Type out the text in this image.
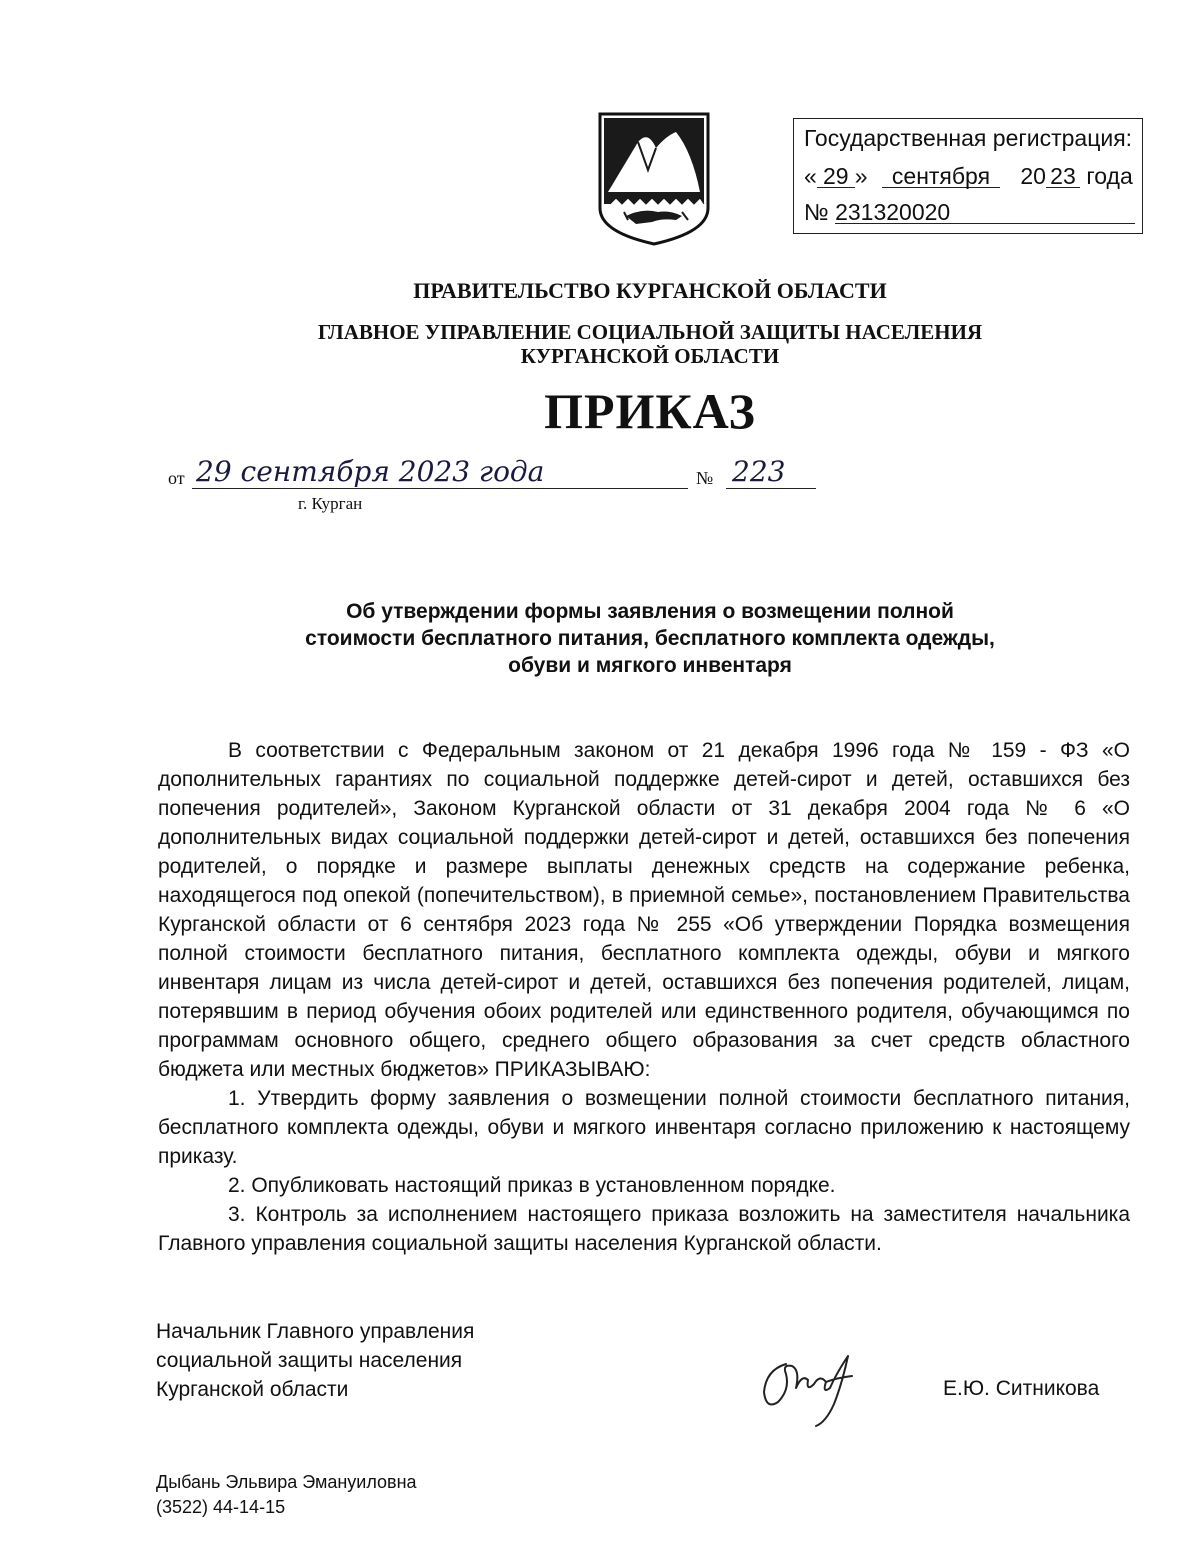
Государственная регистрация:
« 29 » сентября 20 23 года
№ 231320020
ПРАВИТЕЛЬСТВО КУРГАНСКОЙ ОБЛАСТИ
ГЛАВНОЕ УПРАВЛЕНИЕ СОЦИАЛЬНОЙ ЗАЩИТЫ НАСЕЛЕНИЯ
КУРГАНСКОЙ ОБЛАСТИ
ПРИКАЗ
от 29 сентября 2023 года	№ 223
г. Курган
Об утверждении формы заявления о возмещении полной
стоимости бесплатного питания, бесплатного комплекта одежды,
обуви и мягкого инвентаря

В соответствии с Федеральным законом от 21 декабря 1996 года № 159 - ФЗ «О дополнительных гарантиях по социальной поддержке детей-сирот и детей, оставшихся без попечения родителей», Законом Курганской области от 31 декабря 2004 года № 6 «О дополнительных видах социальной поддержки детей-сирот и детей, оставшихся без попечения родителей, о порядке и размере выплаты денежных средств на содержание ребенка, находящегося под опекой (попечительством), в приемной семье», постановлением Правительства Курганской области от 6 сентября 2023 года № 255 «Об утверждении Порядка возмещения полной стоимости бесплатного питания, бесплатного комплекта одежды, обуви и мягкого инвентаря лицам из числа детей-сирот и детей, оставшихся без попечения родителей, лицам, потерявшим в период обучения обоих родителей или единственного родителя, обучающимся по программам основного общего, среднего общего образования за счет средств областного бюджета или местных бюджетов» ПРИКАЗЫВАЮ:

1. Утвердить форму заявления о возмещении полной стоимости бесплатного питания, бесплатного комплекта одежды, обуви и мягкого инвентаря согласно приложению к настоящему приказу.

2. Опубликовать настоящий приказ в установленном порядке.

3. Контроль за исполнением настоящего приказа возложить на заместителя начальника Главного управления социальной защиты населения Курганской области.

Начальник Главного управления
социальной защиты населения
Курганской области	Е.Ю. Ситникова
Дыбань Эльвира Эмануиловна
(3522) 44-14-15
